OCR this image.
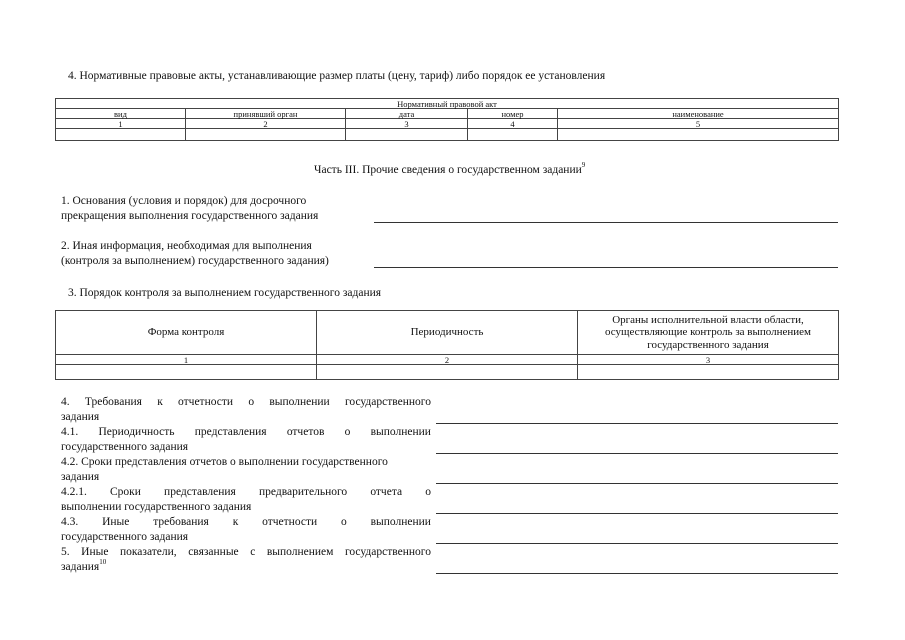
4. Нормативные правовые акты, устанавливающие размер платы (цену, тариф) либо порядок ее установления
Нормативный правовой акт				
вид	принявший орган	дата	номер	наименование
1	2	3	4	5

Часть III. Прочие сведения о государственном задании$^9$
1. Основания (условия и порядок) для досрочного
прекращения выполнения государственного задания
2. Иная информация, необходимая для выполнения
(контроля за выполнением) государственного задания)
3. Порядок контроля за выполнением государственного задания
Форма контроля	Периодичность	Органы исполнительной власти области,
осуществляющие контроль за выполнением
государственного задания

1	2	3

4. Требования к отчетности о выполнении государственного
задания
4.1. Периодичность представления отчетов о выполнении
государственного задания
4.2. Сроки представления отчетов о выполнении государственного
задания
4.2.1. Сроки представления предварительного отчета о
выполнении государственного задания
4.3. Иные требования к отчетности о выполнении
государственного задания
5. Иные показатели, связанные с выполнением государственного
задания$^{10}$
